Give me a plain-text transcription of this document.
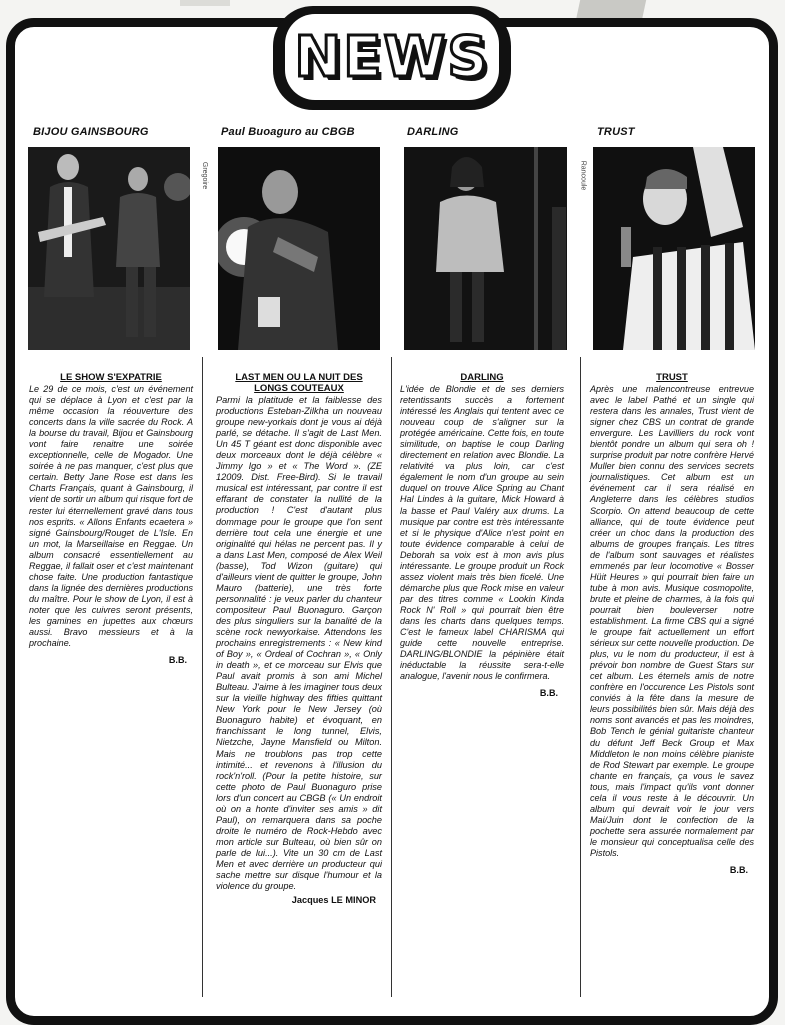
NEWS
BIJOU GAINSBOURG	Paul Buoaguro au CBGB	DARLING	TRUST
Gregoire	Rancoule
LE SHOW S'EXPATRIE

Le 29 de ce mois, c'est un événement qui se déplace à Lyon et c'est par la même occasion la réouverture des concerts dans la ville sacrée du Rock. A la bourse du travail, Bijou et Gainsbourg vont faire renaitre une soirée exceptionnelle, celle de Mogador. Une soirée à ne pas manquer, c'est plus que certain. Betty Jane Rose est dans les Charts Français, quant à Gainsbourg, il vient de sortir un album qui risque fort de rester lui éternellement gravé dans tous nos esprits. « Allons Enfants ecaetera » signé Gainsbourg/Rouget de L'Isle. En un mot, la Marseillaise en Reggae. Un album consacré essentiellement au Reggae, il fallait oser et c'est maintenant chose faite. Une production fantastique dans la lignée des dernières productions du maître. Pour le show de Lyon, il est à noter que les cuivres seront présents, les gamines en jupettes aux chœurs aussi. Bravo messieurs et à la prochaine.

B.B.
LAST MEN OU LA NUIT DES LONGS COUTEAUX

Parmi la platitude et la faiblesse des productions Esteban-Zilkha un nouveau groupe new-yorkais dont je vous ai déjà parlé, se détache. Il s'agit de Last Men. Un 45 T géant est donc disponible avec deux morceaux dont le déjà célèbre « Jimmy Igo » et « The Word ». (ZE 12009. Dist. Free-Bird). Si le travail musical est intéressant, par contre il est effarant de constater la nullité de la production ! C'est d'autant plus dommage pour le groupe que l'on sent derrière tout cela une énergie et une originalité qui hélas ne percent pas. Il y a dans Last Men, composé de Alex Weil (basse), Tod Wizon (guitare) qui d'ailleurs vient de quitter le groupe, John Mauro (batterie), une très forte personnalité : je veux parler du chanteur compositeur Paul Buonaguro. Garçon des plus singuliers sur la banalité de la scène rock newyorkaise. Attendons les prochains enregistrements : « New kind of Boy », « Ordeal of Cochran », « Only in death », et ce morceau sur Elvis que Paul avait promis à son ami Michel Bulteau. J'aime à les imaginer tous deux sur la vieille highway des fifties quittant New York pour le New Jersey (où Buonaguro habite) et évoquant, en franchissant le long tunnel, Elvis, Nietzche, Jayne Mansfield ou Milton. Mais ne troublons pas trop cette intimité... et revenons à l'illusion du rock'n'roll. (Pour la petite histoire, sur cette photo de Paul Buonaguro prise lors d'un concert au CBGB (« Un endroit où on a honte d'inviter ses amis » dit Paul), on remarquera dans sa poche droite le numéro de Rock-Hebdo avec mon article sur Bulteau, où bien sûr on parle de lui...). Vite un 30 cm de Last Men et avec derrière un producteur qui sache mettre sur disque l'humour et la violence du groupe.

Jacques LE MINOR
DARLING

L'idée de Blondie et de ses derniers retentissants succès a fortement intéressé les Anglais qui tentent avec ce nouveau coup de s'aligner sur la protégée américaine. Cette fois, en toute similitude, on baptise le coup Darling directement en relation avec Blondie. La relativité va plus loin, car c'est également le nom d'un groupe au sein duquel on trouve Alice Spring au Chant Hal Lindes à la guitare, Mick Howard à la basse et Paul Valéry aux drums. La musique par contre est très intéressante et si le physique d'Alice n'est point en toute évidence comparable à celui de Deborah sa voix est à mon avis plus intéressante. Le groupe produit un Rock assez violent mais très bien ficelé. Une démarche plus que Rock mise en valeur par des titres comme « Lookin Kinda Rock N' Roll » qui pourrait bien être dans les charts dans quelques temps. C'est le fameux label CHARISMA qui guide cette nouvelle entreprise. DARLING/BLONDIE la pépinière était inéductable la réussite sera-t-elle analogue, l'avenir nous le confirmera.

B.B.
TRUST

Après une malencontreuse entrevue avec le label Pathé et un single qui restera dans les annales, Trust vient de signer chez CBS un contrat de grande envergure. Les Lavilliers du rock vont bientôt pondre un album qui sera oh ! surprise produit par notre confrère Hervé Muller bien connu des services secrets journalistiques. Cet album est un événement car il sera réalisé en Angleterre dans les célèbres studios Scorpio. On attend beaucoup de cette alliance, qui de toute évidence peut créer un choc dans la production des albums de groupes français. Les titres de l'album sont sauvages et réalistes emmenés par leur locomotive « Bosser Hüit Heures » qui pourrait bien faire un tube à mon avis. Musique cosmopolite, brute et pleine de charmes, à la fois qui pourrait bien bouleverser notre establishment. La firme CBS qui a signé le groupe fait actuellement un effort sérieux sur cette nouvelle production. De plus, vu le nom du producteur, il est à prévoir bon nombre de Guest Stars sur cet album. Les éternels amis de notre confrère en l'occurence Les Pistols sont conviés à la fête dans la mesure de leurs possibilités bien sûr. Mais déjà des noms sont avancés et pas les moindres, Bob Tench le génial guitariste chanteur du défunt Jeff Beck Group et Max Middleton le non moins célèbre pianiste de Rod Stewart par exemple. Le groupe chante en français, ça vous le savez tous, mais l'impact qu'ils vont donner cela il vous reste à le découvrir. Un album qui devrait voir le jour vers Mai/Juin dont le confection de la pochette sera assurée normalement par le monsieur qui conceptualisa celle des Pistols.

B.B.
